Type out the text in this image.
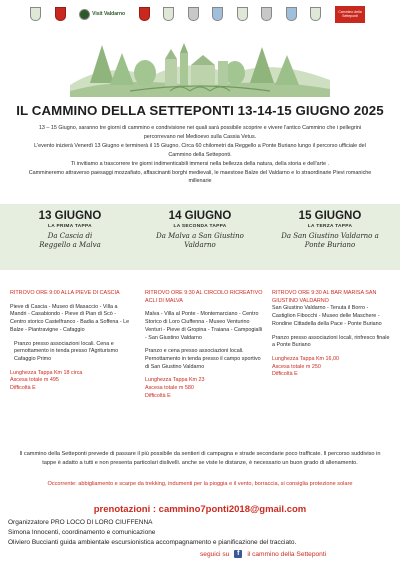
Visit Valdarno	Cammino della Setteponti
IL CAMMINO DELLA SETTEPONTI 13-14-15 GIUGNO 2025
13 – 15 Giugno, saranno tre giorni di cammino e condivisione nei quali sarà possibile scoprire e vivere l'antico Cammino che i pellegrini percorrevano nel Medioevo sulla Cassia Vetus.
L'evento inizierà Venerdì 13 Giugno e terminerà il 15 Giugno. Circa 60 chilometri da Reggello a Ponte Buriano lungo il percorso ufficiale del Cammino della Setteponti.
Ti invitiamo a trascorrere tre giorni indimenticabili immersi nella bellezza della natura, della storia e dell'arte .
Cammineremo attraverso paesaggi mozzafiato, affascinanti borghi medievali, le maestose Balze del Valdarno e lo straordinarie Pievi romaniche millenarie
13 GIUGNO
LA PRIMA TAPPA
Da Cascia di Reggello a Malva
14 GIUGNO
LA SECONDA TAPPA
Da Malva a San Giustino Valdarno
15 GIUGNO
LA TERZA TAPPA
Da San Giustino Valdarno a Ponte Buriano

RITROVO ORE 9:00 ALLA PIEVE DI CASCIA

Pieve di Cascia - Museo di Masaccio - Villa a Mandri - Casabiondo - Pieve di Pian di Scò - Centro storico Castelfranco - Badia a Soffena - Le Balze - Piantravigne - Cafaggio

Pranzo presso associazioni locali. Cena e pernottamento in tenda presso l'Agriturismo Cafaggio Primo

Lunghezza Tappa Km 18 circa

Ascesa totale m 495

Difficoltà E

RITROVO ORE 9:30 AL CIRCOLO RICREATIVO ACLI DI MALVA

Malva - Villa al Ponte - Montemarciano - Centro Storico di Loro Ciuffenna - Museo Venturino Venturi - Pieve di Gropina - Traiana - Campogialli - San Giustino Valdarno

Pranzo e cena presso associazioni locali. Pernottamento in tenda presso il campo sportivo di San Giustino Valdarno

Lunghezza Tappa Km 23

Ascesa totale m 580

Difficoltà E

RITROVO ORE 9:30 AL BAR MARISA SAN GIUSTINO VALDARNO

San Giustino Valdarno - Tenuta il Borro - Castiglion Fibocchi - Museo delle Maschere - Rondine Cittadella della Pace - Ponte Buriano

Pranzo presso associazioni locali, rinfresco finale a Ponte Buriano

Lunghezza Tappa Km 16,00

Ascesa totale m 250

Difficoltà E

Il cammino della Setteponti prevede di passare il più possibile da sentieri di campagna e strade secondarie poco trafficate. Il percorso suddiviso in tappe è adatto a tutti e non presenta particolari dislivelli. anche se viste le distanze, è necessario un buon grado di allenamento.
Occorrente: abbigliamento e scarpe da trekking, indumenti per la pioggia e il vento, borraccia, si consiglia protezione solare
prenotazioni : cammino7ponti2018@gmail.com
Organizzatore PRO LOCO DI LORO CIUFFENNA
Simona Innocenti, coordinamento e comunicazione
Oliviero Buccianti guida ambientale escursionistica accompagnamento e pianificazione del tracciato.
seguici su	f	il cammino della Setteponti
